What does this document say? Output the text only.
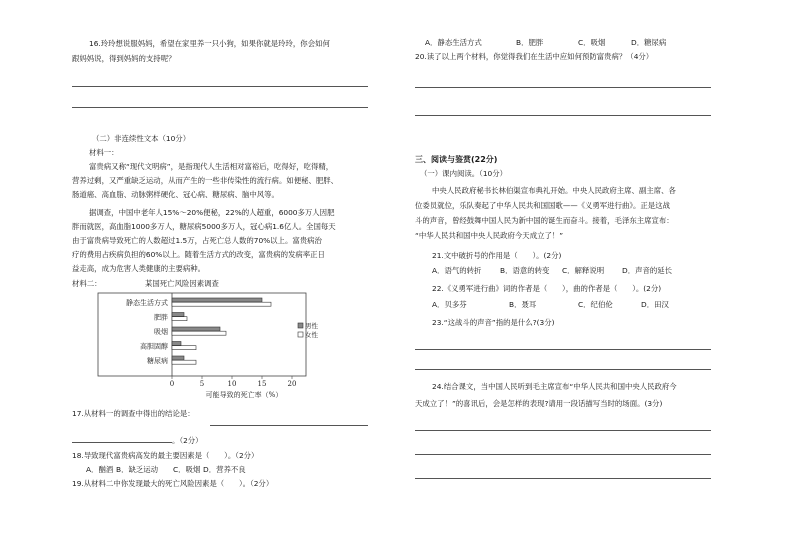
16.玲玲想说服妈妈，希望在家里养一只小狗，如果你就是玲玲，你会如何
跟妈妈说，得到妈妈的支持呢？
（二）非连续性文本（10分）
材料一：
富贵病又称“现代文明病”，是指现代人生活相对富裕后，吃得好，吃得精，
营养过剩，又严重缺乏运动，从而产生的一些非传染性的流行病。如便秘、肥胖、
肠道癌、高血脂、动脉粥样硬化、冠心病、糖尿病、脑中风等。
据调查，中国中老年人15%～20%便秘，22%的人超重，6000多万人因肥
胖而就医，高血脂1000多万人，糖尿病5000多万人，冠心病1.6亿人。全国每天
由于富贵病导致死亡的人数超过1.5万，占死亡总人数的70%以上。富贵病治
疗的费用占疾病负担的60%以上。随着生活方式的改变，富贵病的发病率正日
益走高，成为危害人类健康的主要病种。
材料二：	某国死亡风险因素调查
静态生活方式
肥胖
吸烟
高胆固醇
糖尿病
0	5	10	15	20
可能导致的死亡率（%）
男性
女性
17.从材料一的调查中得出的结论是：
。（2分）
18.导致现代富贵病高发的最主要因素是（　　）。（2分）
A．酗酒 B．缺乏运动 C．吸烟 D．营养不良
19.从材料二中你发现最大的死亡风险因素是（　　）。（2分）
A．静态生活方式	B．肥胖	C．吸烟	D．糖尿病
20.读了以上两个材料，你觉得我们在生活中应如何预防富贵病？（4分）
三、阅读与鉴赏(22分)
（一）课内阅读。（10分）
中央人民政府秘书长林伯渠宣布典礼开始。中央人民政府主席、副主席、各
位委员就位，乐队奏起了中华人民共和国国歌——《义勇军进行曲》。正是这战
斗的声音，曾经鼓舞中国人民为新中国的诞生而奋斗。接着，毛泽东主席宣布：
“中华人民共和国中央人民政府今天成立了！”
21.文中破折号的作用是（　　）。(2分)
A．语气的转折	B．语意的转变 C．解释说明 D．声音的延长
22.《义勇军进行曲》词的作者是（　　），曲的作者是（　　）。(2分)
A．贝多芬	B．聂耳	C．纪伯伦	D．田汉
23.“这战斗的声音”指的是什么?(3分)
24.结合课文，当中国人民听到毛主席宣布“中华人民共和国中央人民政府今
天成立了！”的喜讯后，会是怎样的表现?请用一段话描写当时的场面。(3分)
